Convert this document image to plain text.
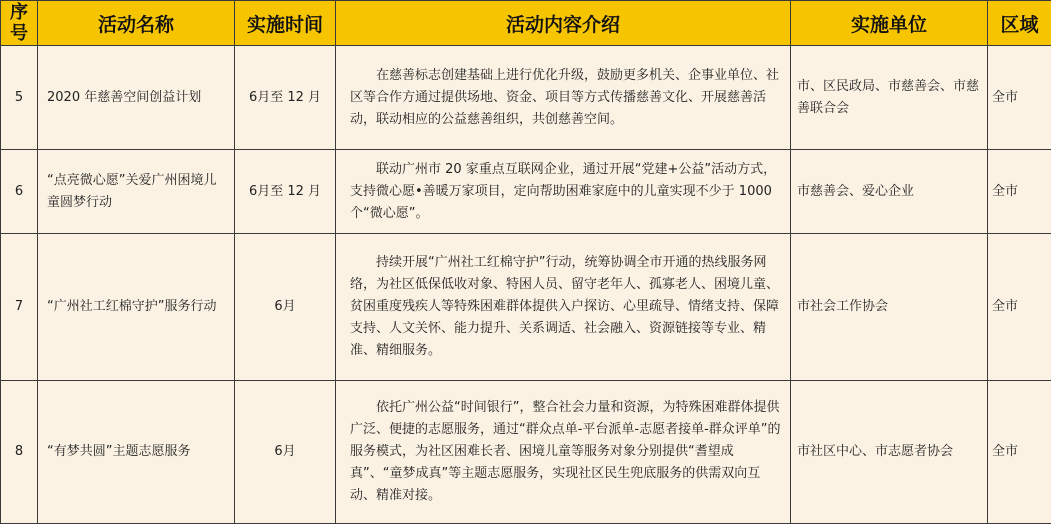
序
号	活动名称	实施时间	活动内容介绍	实施单位	区域
5	2020 年慈善空间创益计划	6月至 12 月	在慈善标志创建基础上进行优化升级，鼓励更多机关、企事业单位、社区等合作方通过提供场地、资金、项目等方式传播慈善文化、开展慈善活动，联动相应的公益慈善组织，共创慈善空间。	市、区民政局、市慈善会、市慈善联合会	全市
6	“点亮微心愿”关爱广州困境儿童圆梦行动	6月至 12 月	联动广州市 20 家重点互联网企业，通过开展“党建+公益”活动方式，支持微心愿•善暖万家项目，定向帮助困难家庭中的儿童实现不少于 1000 个“微心愿”。	市慈善会、爱心企业	全市
7	“广州社工红棉守护”服务行动	6月	持续开展“广州社工红棉守护”行动，统筹协调全市开通的热线服务网络，为社区低保低收对象、特困人员、留守老年人、孤寡老人、困境儿童、贫困重度残疾人等特殊困难群体提供入户探访、心里疏导、情绪支持、保障支持、人文关怀、能力提升、关系调适、社会融入、资源链接等专业、精准、精细服务。	市社会工作协会	全市
8	“有梦共圆”主题志愿服务	6月	依托广州公益“时间银行”，整合社会力量和资源，为特殊困难群体提供广泛、便捷的志愿服务，通过“群众点单-平台派单-志愿者接单-群众评单”的服务模式，为社区困难长者、困境儿童等服务对象分别提供“耆望成真”、“童梦成真”等主题志愿服务，实现社区民生兜底服务的供需双向互动、精准对接。	市社区中心、市志愿者协会	全市
